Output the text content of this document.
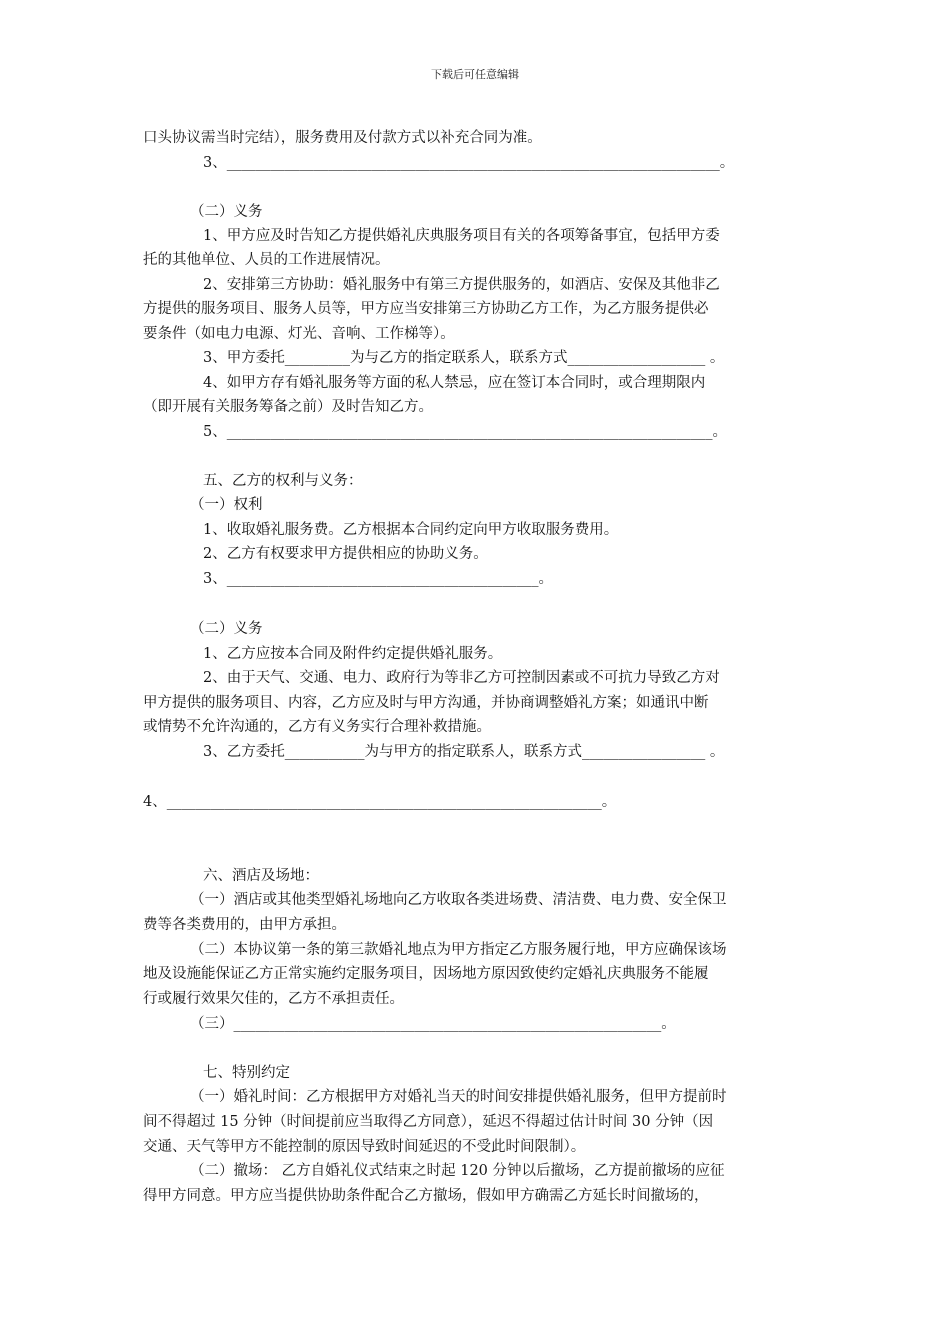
下载后可任意编辑
口头协议需当时完结），服务费用及付款方式以补充合同为准。
3、____________________________________________________________________。
（二）义务
1、甲方应及时告知乙方提供婚礼庆典服务项目有关的各项筹备事宜，包括甲方委
托的其他单位、人员的工作进展情况。
2、安排第三方协助：婚礼服务中有第三方提供服务的，如酒店、安保及其他非乙
方提供的服务项目、服务人员等，甲方应当安排第三方协助乙方工作，为乙方服务提供必
要条件（如电力电源、灯光、音响、工作梯等）。
3、甲方委托_________为与乙方的指定联系人，联系方式___________________ 。
4、如甲方存有婚礼服务等方面的私人禁忌，应在签订本合同时，或合理期限内
（即开展有关服务筹备之前）及时告知乙方。
5、___________________________________________________________________。
五、乙方的权利与义务：
（一）权利
1、收取婚礼服务费。乙方根据本合同约定向甲方收取服务费用。
2、乙方有权要求甲方提供相应的协助义务。
3、___________________________________________。
（二）义务
1、乙方应按本合同及附件约定提供婚礼服务。
2、由于天气、交通、电力、政府行为等非乙方可控制因素或不可抗力导致乙方对
甲方提供的服务项目、内容，乙方应及时与甲方沟通，并协商调整婚礼方案；如通讯中断
或情势不允许沟通的，乙方有义务实行合理补救措施。
3、乙方委托___________为与甲方的指定联系人，联系方式_________________ 。
4、____________________________________________________________。
六、酒店及场地：
（一）酒店或其他类型婚礼场地向乙方收取各类进场费、清洁费、电力费、安全保卫
费等各类费用的，由甲方承担。
（二）本协议第一条的第三款婚礼地点为甲方指定乙方服务履行地，甲方应确保该场
地及设施能保证乙方正常实施约定服务项目，因场地方原因致使约定婚礼庆典服务不能履
行或履行效果欠佳的，乙方不承担责任。
（三）___________________________________________________________。
七、特别约定
（一）婚礼时间：乙方根据甲方对婚礼当天的时间安排提供婚礼服务，但甲方提前时
间不得超过 15 分钟（时间提前应当取得乙方同意），延迟不得超过估计时间 30 分钟（因
交通、天气等甲方不能控制的原因导致时间延迟的不受此时间限制）。
（二）撤场： 乙方自婚礼仪式结束之时起 120 分钟以后撤场，乙方提前撤场的应征
得甲方同意。甲方应当提供协助条件配合乙方撤场，假如甲方确需乙方延长时间撤场的，
